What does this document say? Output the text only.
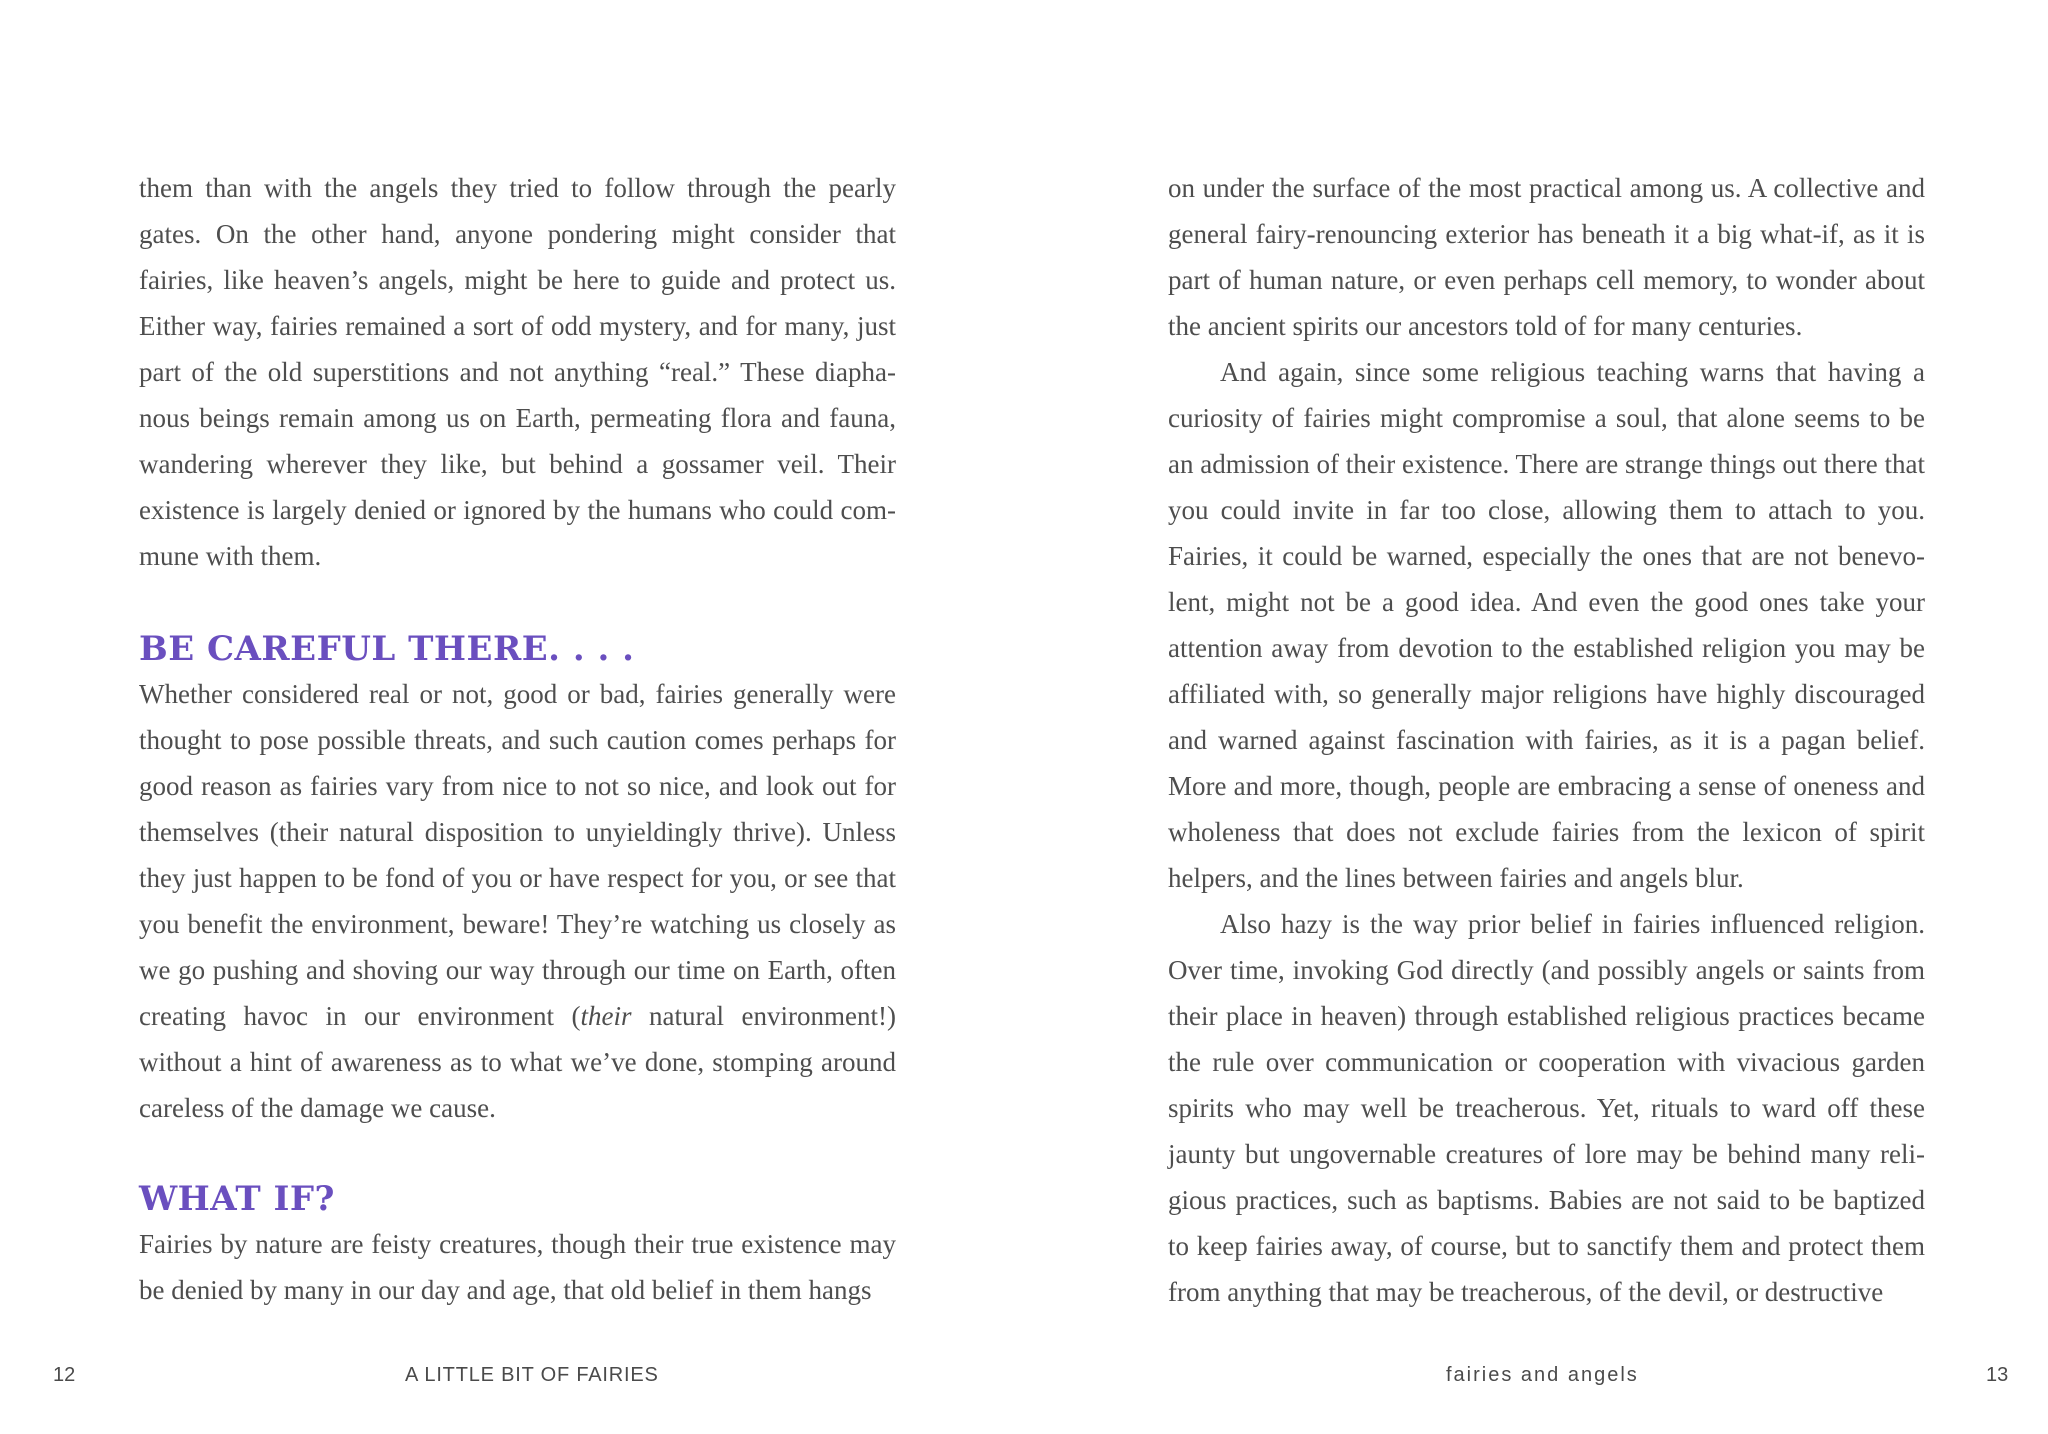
them than with the angels they tried to follow through the pearly gates. On the other hand, anyone pondering might consider that fairies, like heaven’s angels, might be here to guide and protect us. Either way, fairies remained a sort of odd mystery, and for many, just part of the old superstitions and not anything “real.” These diaphanous beings remain among us on Earth, permeating flora and fauna, wandering wherever they like, but behind a gossamer veil. Their existence is largely denied or ignored by the humans who could commune with them.

BE CAREFUL THERE. . . .

Whether considered real or not, good or bad, fairies generally were thought to pose possible threats, and such caution comes perhaps for good reason as fairies vary from nice to not so nice, and look out for themselves (their natural disposition to unyieldingly thrive). Unless they just happen to be fond of you or have respect for you, or see that you benefit the environment, beware! They’re watching us closely as we go pushing and shoving our way through our time on Earth, often creating havoc in our environment (their natural environment!) without a hint of awareness as to what we’ve done, stomping around careless of the damage we cause.

WHAT IF?

Fairies by nature are feisty creatures, though their true existence may be denied by many in our day and age, that old belief in them hangs

on under the surface of the most practical among us. A collective and general fairy-renouncing exterior has beneath it a big what-if, as it is part of human nature, or even perhaps cell memory, to wonder about the ancient spirits our ancestors told of for many centuries.

And again, since some religious teaching warns that having a curiosity of fairies might compromise a soul, that alone seems to be an admission of their existence. There are strange things out there that you could invite in far too close, allowing them to attach to you. Fairies, it could be warned, especially the ones that are not benevolent, might not be a good idea. And even the good ones take your attention away from devotion to the established religion you may be affiliated with, so generally major religions have highly discouraged and warned against fascination with fairies, as it is a pagan belief. More and more, though, people are embracing a sense of oneness and wholeness that does not exclude fairies from the lexicon of spirit helpers, and the lines between fairies and angels blur.

Also hazy is the way prior belief in fairies influenced religion. Over time, invoking God directly (and possibly angels or saints from their place in heaven) through established religious practices became the rule over communication or cooperation with vivacious garden spirits who may well be treacherous. Yet, rituals to ward off these jaunty but ungovernable creatures of lore may be behind many religious practices, such as baptisms. Babies are not said to be baptized to keep fairies away, of course, but to sanctify them and protect them from anything that may be treacherous, of the devil, or destructive

12	A LITTLE BIT OF FAIRIES	fairies and angels	13
